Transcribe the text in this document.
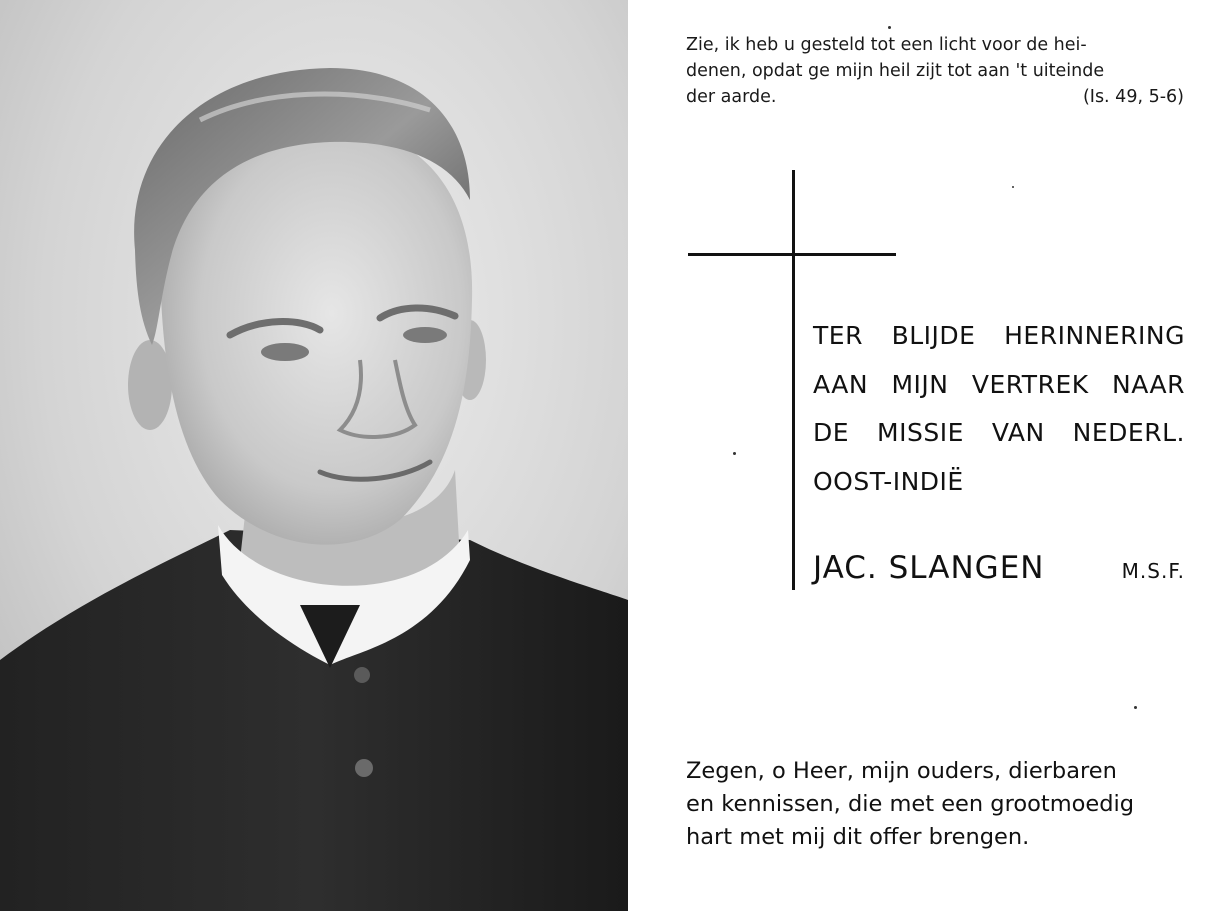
Zie, ik heb u gesteld tot een licht voor de hei-
denen, opdat ge mijn heil zijt tot aan 't uiteinde
der aarde.	(Is. 49, 5-6)
TER BLIJDE HERINNERING
AAN MIJN VERTREK NAAR
DE MISSIE VAN NEDERL.
OOST-INDIË
JAC. SLANGEN	M.S.F.
Zegen, o Heer, mijn ouders, dierbaren
en kennissen, die met een grootmoedig
hart met mij dit offer brengen.
